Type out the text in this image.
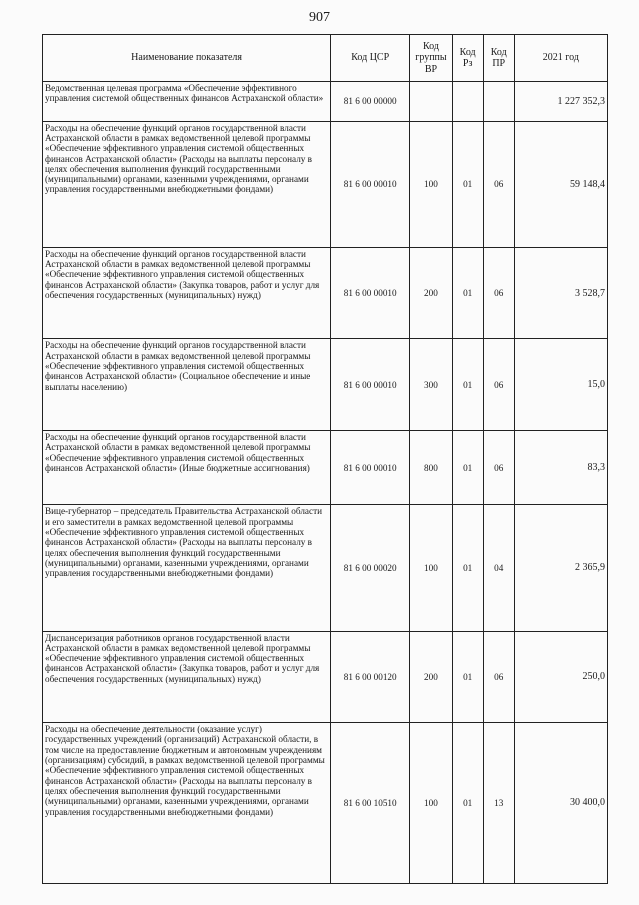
907
Наименование показателя	Код ЦСР	Код группы ВР	Код Рз	Код ПР	2021 год
Ведомственная целевая программа «Обеспечение эффективного управления системой общественных финансов Астраханской области»	81 6 00 00000				1 227 352,3
Расходы на обеспечение функций органов государственной власти Астраханской области в рамках ведомственной целевой программы «Обеспечение эффективного управления системой общественных финансов Астраханской области» (Расходы на выплаты персоналу в целях обеспечения выполнения функций государственными (муниципальными) органами, казенными учреждениями, органами управления государственными внебюджетными фондами)	81 6 00 00010	100	01	06	59 148,4
Расходы на обеспечение функций органов государственной власти Астраханской области в рамках ведомственной целевой программы «Обеспечение эффективного управления системой общественных финансов Астраханской области» (Закупка товаров, работ и услуг для обеспечения государственных (муниципальных) нужд)	81 6 00 00010	200	01	06	3 528,7
Расходы на обеспечение функций органов государственной власти Астраханской области в рамках ведомственной целевой программы «Обеспечение эффективного управления системой общественных финансов Астраханской области» (Социальное обеспечение и иные выплаты населению)	81 6 00 00010	300	01	06	15,0
Расходы на обеспечение функций органов государственной власти Астраханской области в рамках ведомственной целевой программы «Обеспечение эффективного управления системой общественных финансов Астраханской области» (Иные бюджетные ассигнования)	81 6 00 00010	800	01	06	83,3
Вице-губернатор – председатель Правительства Астраханской области и его заместители в рамках ведомственной целевой программы «Обеспечение эффективного управления системой общественных финансов Астраханской области» (Расходы на выплаты персоналу в целях обеспечения выполнения функций государственными (муниципальными) органами, казенными учреждениями, органами управления государственными внебюджетными фондами)	81 6 00 00020	100	01	04	2 365,9
Диспансеризация работников органов государственной власти Астраханской области в рамках ведомственной целевой программы «Обеспечение эффективного управления системой общественных финансов Астраханской области» (Закупка товаров, работ и услуг для обеспечения государственных (муниципальных) нужд)	81 6 00 00120	200	01	06	250,0
Расходы на обеспечение деятельности (оказание услуг) государственных учреждений (организаций) Астраханской области, в том числе на предоставление бюджетным и автономным учреждениям (организациям) субсидий, в рамках ведомственной целевой программы «Обеспечение эффективного управления системой общественных финансов Астраханской области» (Расходы на выплаты персоналу в целях обеспечения выполнения функций государственными (муниципальными) органами, казенными учреждениями, органами управления государственными внебюджетными фондами)	81 6 00 10510	100	01	13	30 400,0
